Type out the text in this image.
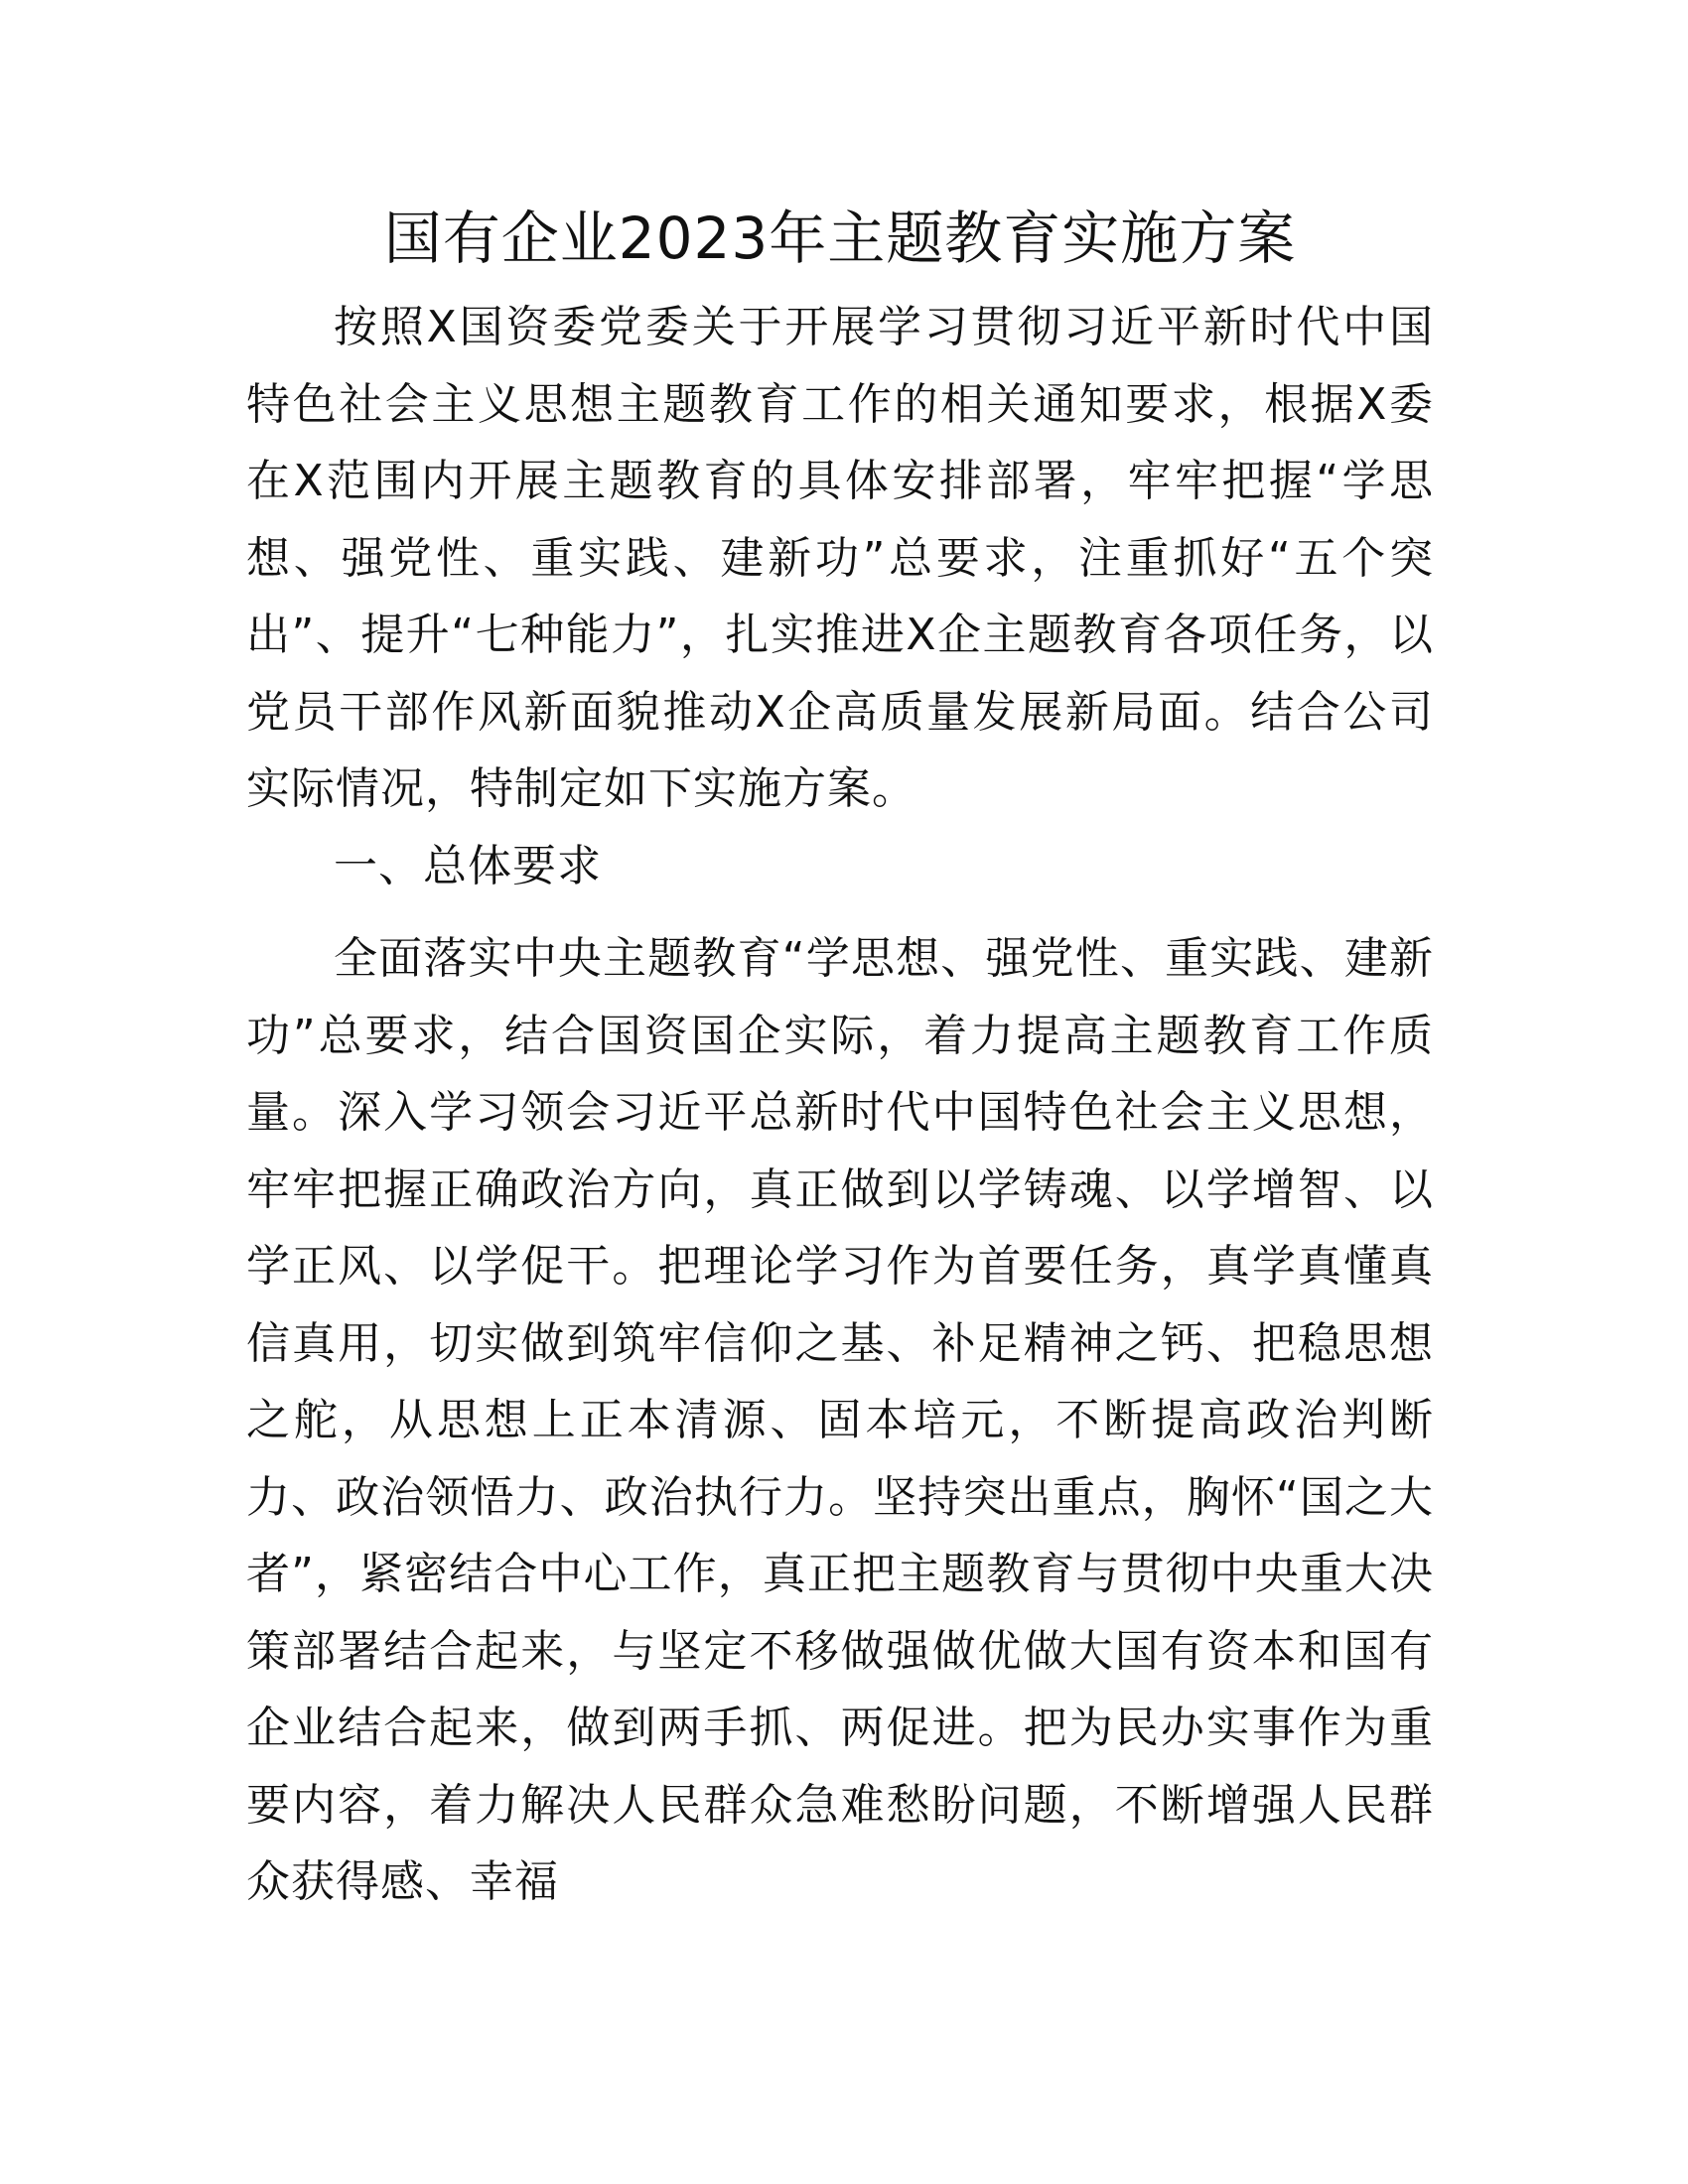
国有企业2023年主题教育实施方案

按照X国资委党委关于开展学习贯彻习近平新时代中国特色社会主义思想主题教育工作的相关通知要求，根据X委在X范围内开展主题教育的具体安排部署，牢牢把握“学思想、强党性、重实践、建新功”总要求，注重抓好“五个突出”、提升“七种能力”，扎实推进X企主题教育各项任务，以党员干部作风新面貌推动X企高质量发展新局面。结合公司实际情况，特制定如下实施方案。

一、总体要求

全面落实中央主题教育“学思想、强党性、重实践、建新功”总要求，结合国资国企实际，着力提高主题教育工作质量。深入学习领会习近平总新时代中国特色社会主义思想，牢牢把握正确政治方向，真正做到以学铸魂、以学增智、以学正风、以学促干。把理论学习作为首要任务，真学真懂真信真用，切实做到筑牢信仰之基、补足精神之钙、把稳思想之舵，从思想上正本清源、固本培元，不断提高政治判断力、政治领悟力、政治执行力。坚持突出重点，胸怀“国之大者”，紧密结合中心工作，真正把主题教育与贯彻中央重大决策部署结合起来，与坚定不移做强做优做大国有资本和国有企业结合起来，做到两手抓、两促进。把为民办实事作为重要内容，着力解决人民群众急难愁盼问题，不断增强人民群众获得感、幸福
